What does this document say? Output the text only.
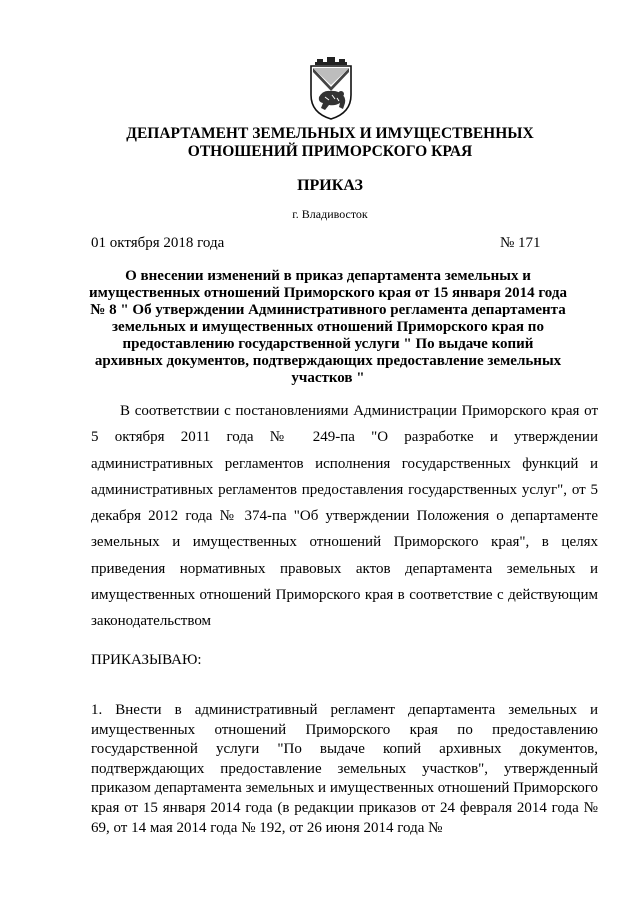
ДЕПАРТАМЕНТ ЗЕМЕЛЬНЫХ И ИМУЩЕСТВЕННЫХ
ОТНОШЕНИЙ ПРИМОРСКОГО КРАЯ
ПРИКАЗ
г. Владивосток
01 октября 2018 года	№ 171
О внесении изменений в приказ департамента земельных и имущественных отношений Приморского края от 15 января 2014 года № 8 " Об утверждении Административного регламента департамента земельных и имущественных отношений Приморского края по предоставлению государственной услуги " По выдаче копий архивных документов, подтверждающих предоставление земельных участков "
В соответствии с постановлениями Администрации Приморского края от 5 октября 2011 года № 249-па "О разработке и утверждении административных регламентов исполнения государственных функций и административных регламентов предоставления государственных услуг", от 5 декабря 2012 года № 374-па "Об утверждении Положения о департаменте земельных и имущественных отношений Приморского края", в целях приведения нормативных правовых актов департамента земельных и имущественных отношений Приморского края в соответствие с действующим законодательством
ПРИКАЗЫВАЮ:
1. Внести в административный регламент департамента земельных и имущественных отношений Приморского края по предоставлению государственной услуги "По выдаче копий архивных документов, подтверждающих предоставление земельных участков", утвержденный приказом департамента земельных и имущественных отношений Приморского края от 15 января 2014 года (в редакции приказов от 24 февраля 2014 года № 69, от 14 мая 2014 года № 192, от 26 июня 2014 года №
